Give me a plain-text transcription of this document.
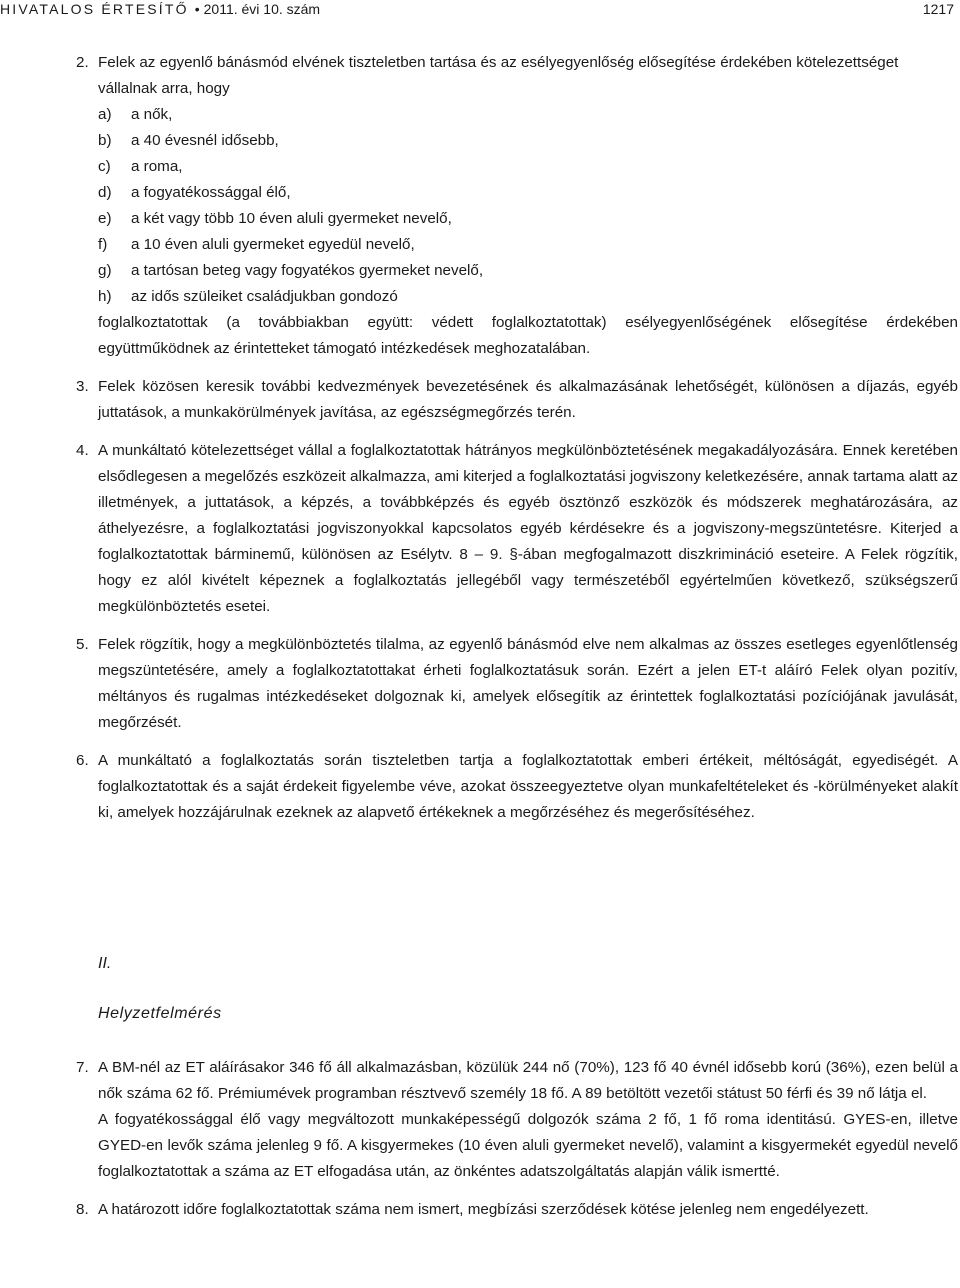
HIVATALOS ÉRTESÍTŐ • 2011. évi 10. szám	1217
2. Felek az egyenlő bánásmód elvének tiszteletben tartása és az esélyegyenlőség elősegítése érdekében kötelezettséget vállalnak arra, hogy

a) a nők,
b) a 40 évesnél idősebb,
c) a roma,
d) a fogyatékossággal élő,
e) a két vagy több 10 éven aluli gyermeket nevelő,
f) a 10 éven aluli gyermeket egyedül nevelő,
g) a tartósan beteg vagy fogyatékos gyermeket nevelő,
h) az idős szüleiket családjukban gondozó

foglalkoztatottak (a továbbiakban együtt: védett foglalkoztatottak) esélyegyenlőségének elősegítése érdekében együttműködnek az érintetteket támogató intézkedések meghozatalában.

3. Felek közösen keresik további kedvezmények bevezetésének és alkalmazásának lehetőségét, különösen a díjazás, egyéb juttatások, a munkakörülmények javítása, az egészségmegőrzés terén.

4. A munkáltató kötelezettséget vállal a foglalkoztatottak hátrányos megkülönböztetésének megakadályozására. Ennek keretében elsődlegesen a megelőzés eszközeit alkalmazza, ami kiterjed a foglalkoztatási jogviszony keletkezésére, annak tartama alatt az illetmények, a juttatások, a képzés, a továbbképzés és egyéb ösztönző eszközök és módszerek meghatározására, az áthelyezésre, a foglalkoztatási jogviszonyokkal kapcsolatos egyéb kérdésekre és a jogviszony-megszüntetésre. Kiterjed a foglalkoztatottak bárminemű, különösen az Esélytv. 8 – 9. §-ában megfogalmazott diszkrimináció eseteire. A Felek rögzítik, hogy ez alól kivételt képeznek a foglalkoztatás jellegéből vagy természetéből egyértelműen következő, szükségszerű megkülönböztetés esetei.

5. Felek rögzítik, hogy a megkülönböztetés tilalma, az egyenlő bánásmód elve nem alkalmas az összes esetleges egyenlőtlenség megszüntetésére, amely a foglalkoztatottakat érheti foglalkoztatásuk során. Ezért a jelen ET-t aláíró Felek olyan pozitív, méltányos és rugalmas intézkedéseket dolgoznak ki, amelyek elősegítik az érintettek foglalkoztatási pozíciójának javulását, megőrzését.

6. A munkáltató a foglalkoztatás során tiszteletben tartja a foglalkoztatottak emberi értékeit, méltóságát, egyediségét. A foglalkoztatottak és a saját érdekeit figyelembe véve, azokat összeegyeztetve olyan munkafeltételeket és -körülményeket alakít ki, amelyek hozzájárulnak ezeknek az alapvető értékeknek a megőrzéséhez és megerősítéséhez.

II.
Helyzetfelmérés
7. A BM-nél az ET aláírásakor 346 fő áll alkalmazásban, közülük 244 nő (70%), 123 fő 40 évnél idősebb korú (36%), ezen belül a nők száma 62 fő. Prémiumévek programban résztvevő személy 18 fő. A 89 betöltött vezetői státust 50 férfi és 39 nő látja el.

A fogyatékossággal élő vagy megváltozott munkaképességű dolgozók száma 2 fő, 1 fő roma identitású. GYES-en, illetve GYED-en levők száma jelenleg 9 fő. A kisgyermekes (10 éven aluli gyermeket nevelő), valamint a kisgyermekét egyedül nevelő foglalkoztatottak a száma az ET elfogadása után, az önkéntes adatszolgáltatás alapján válik ismertté.

8. A határozott időre foglalkoztatottak száma nem ismert, megbízási szerződések kötése jelenleg nem engedélyezett.
